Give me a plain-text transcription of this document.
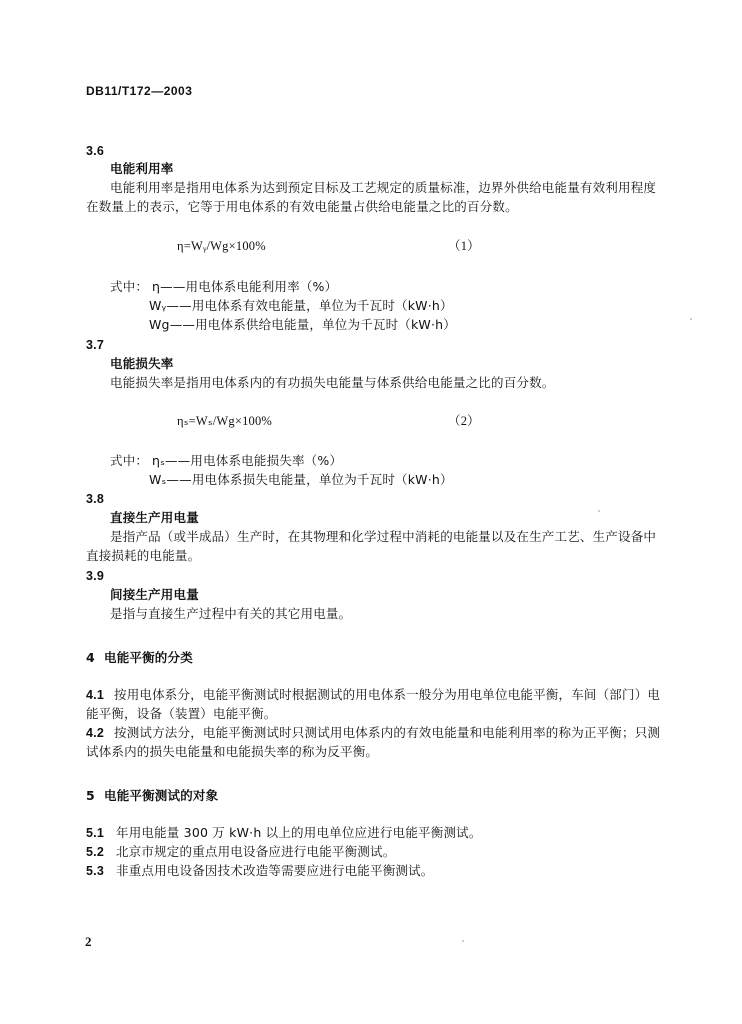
DB11/T172—2003
3.6
电能利用率
电能利用率是指用电体系为达到预定目标及工艺规定的质量标准，边界外供给电能量有效利用程度
在数量上的表示，它等于用电体系的有效电能量占供给电能量之比的百分数。
η=Wᵧ/Wg×100%	（1）
式中： η——用电体系电能利用率（%）
Wᵧ——用电体系有效电能量，单位为千瓦时（kW·h）
Wg——用电体系供给电能量，单位为千瓦时（kW·h）
3.7
电能损失率
电能损失率是指用电体系内的有功损失电能量与体系供给电能量之比的百分数。
ηₛ=Wₛ/Wg×100%	（2）
式中： ηₛ——用电体系电能损失率（%）
Wₛ——用电体系损失电能量，单位为千瓦时（kW·h）
3.8
直接生产用电量
是指产品（或半成品）生产时，在其物理和化学过程中消耗的电能量以及在生产工艺、生产设备中
直接损耗的电能量。
3.9
间接生产用电量
是指与直接生产过程中有关的其它用电量。
4 电能平衡的分类
4.1 按用电体系分，电能平衡测试时根据测试的用电体系一般分为用电单位电能平衡，车间（部门）电
能平衡，设备（装置）电能平衡。
4.2 按测试方法分，电能平衡测试时只测试用电体系内的有效电能量和电能利用率的称为正平衡；只测
试体系内的损失电能量和电能损失率的称为反平衡。
5 电能平衡测试的对象
5.1 年用电能量 300 万 kW·h 以上的用电单位应进行电能平衡测试。
5.2 北京市规定的重点用电设备应进行电能平衡测试。
5.3 非重点用电设备因技术改造等需要应进行电能平衡测试。
2
